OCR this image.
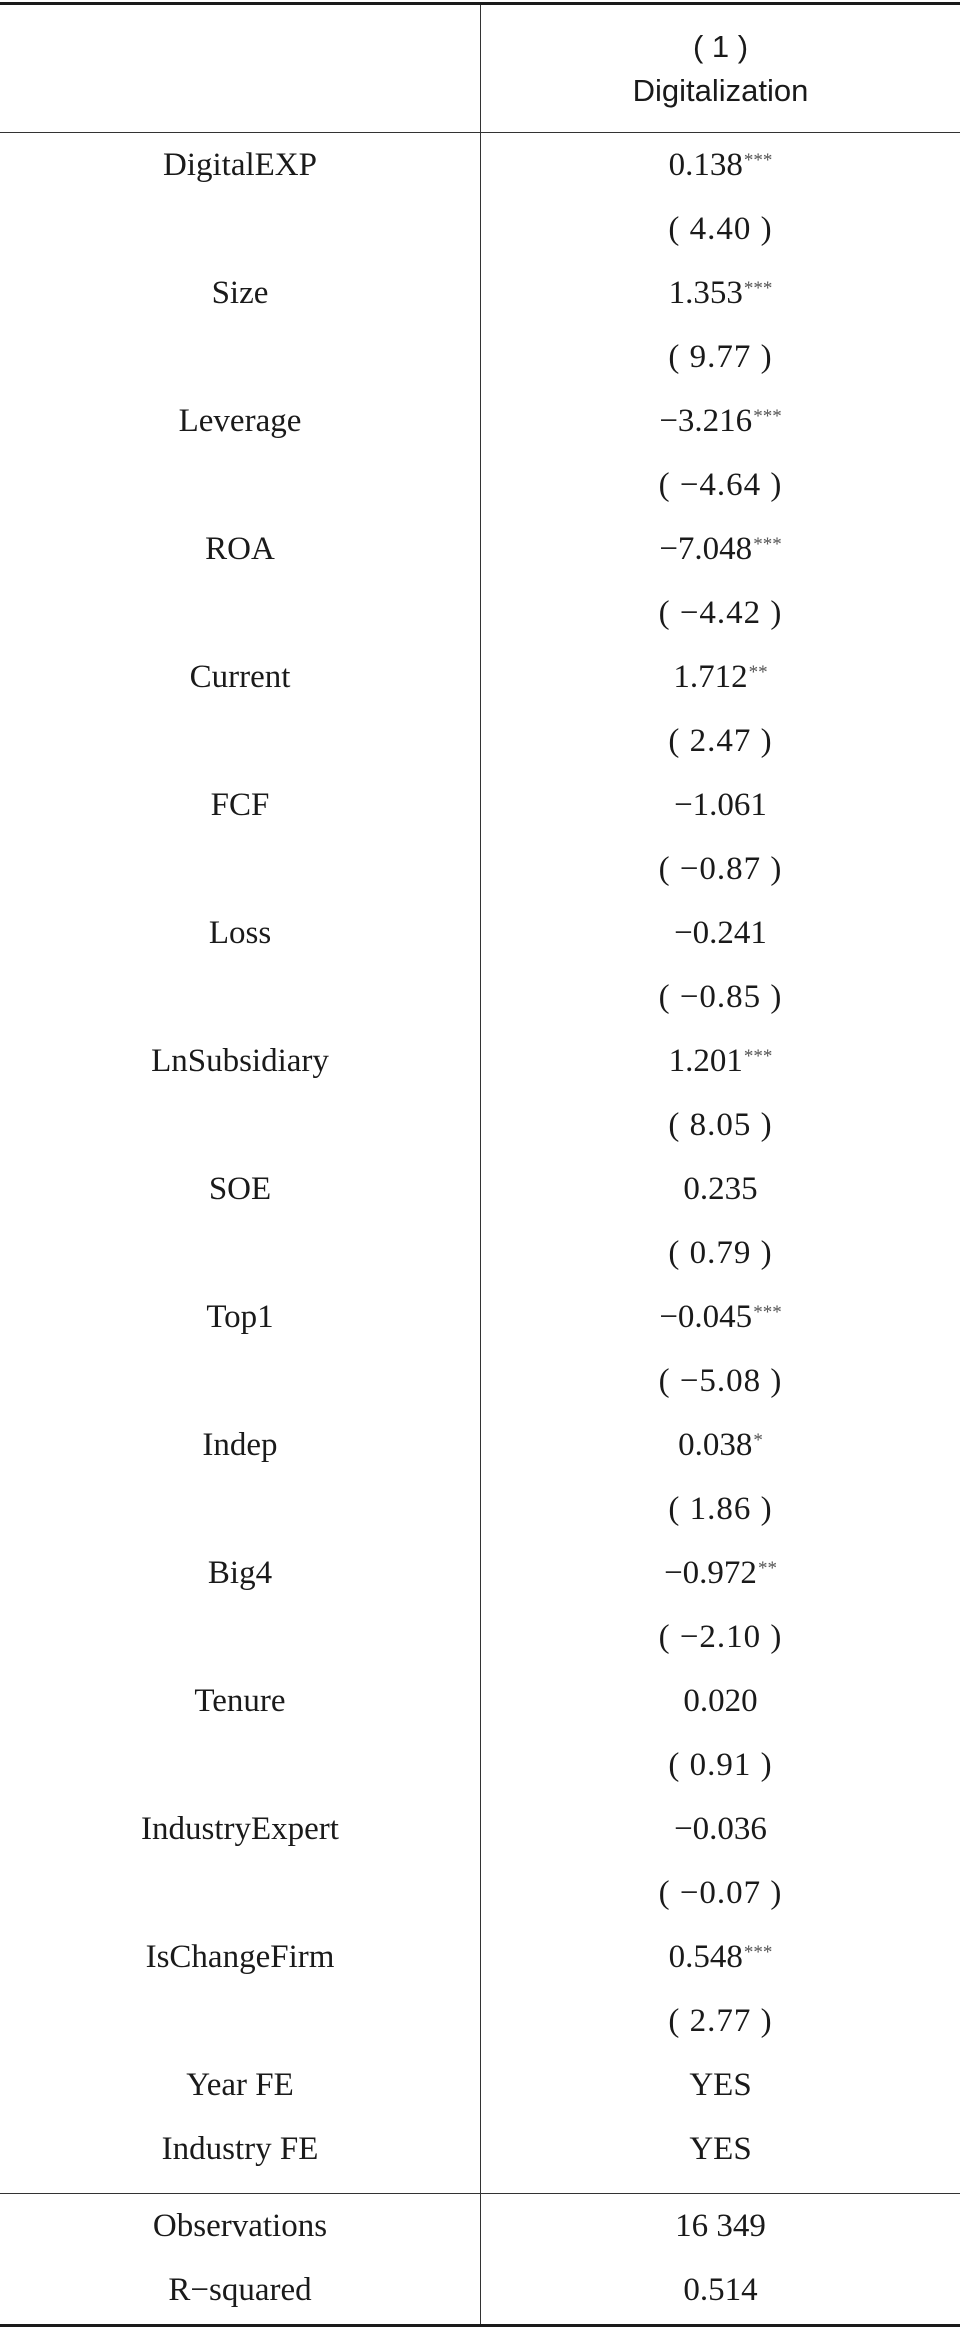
( 1 )
Digitalization
DigitalEXP	0.138***
( 4.40 )
Size	1.353***
( 9.77 )
Leverage	−3.216***
( −4.64 )
ROA	−7.048***
( −4.42 )
Current	1.712**
( 2.47 )
FCF	−1.061
( −0.87 )
Loss	−0.241
( −0.85 )
LnSubsidiary	1.201***
( 8.05 )
SOE	0.235
( 0.79 )
Top1	−0.045***
( −5.08 )
Indep	0.038*
( 1.86 )
Big4	−0.972**
( −2.10 )
Tenure	0.020
( 0.91 )
IndustryExpert	−0.036
( −0.07 )
IsChangeFirm	0.548***
( 2.77 )
Year FE	YES
Industry FE	YES
Observations	16 349
R−squared	0.514
